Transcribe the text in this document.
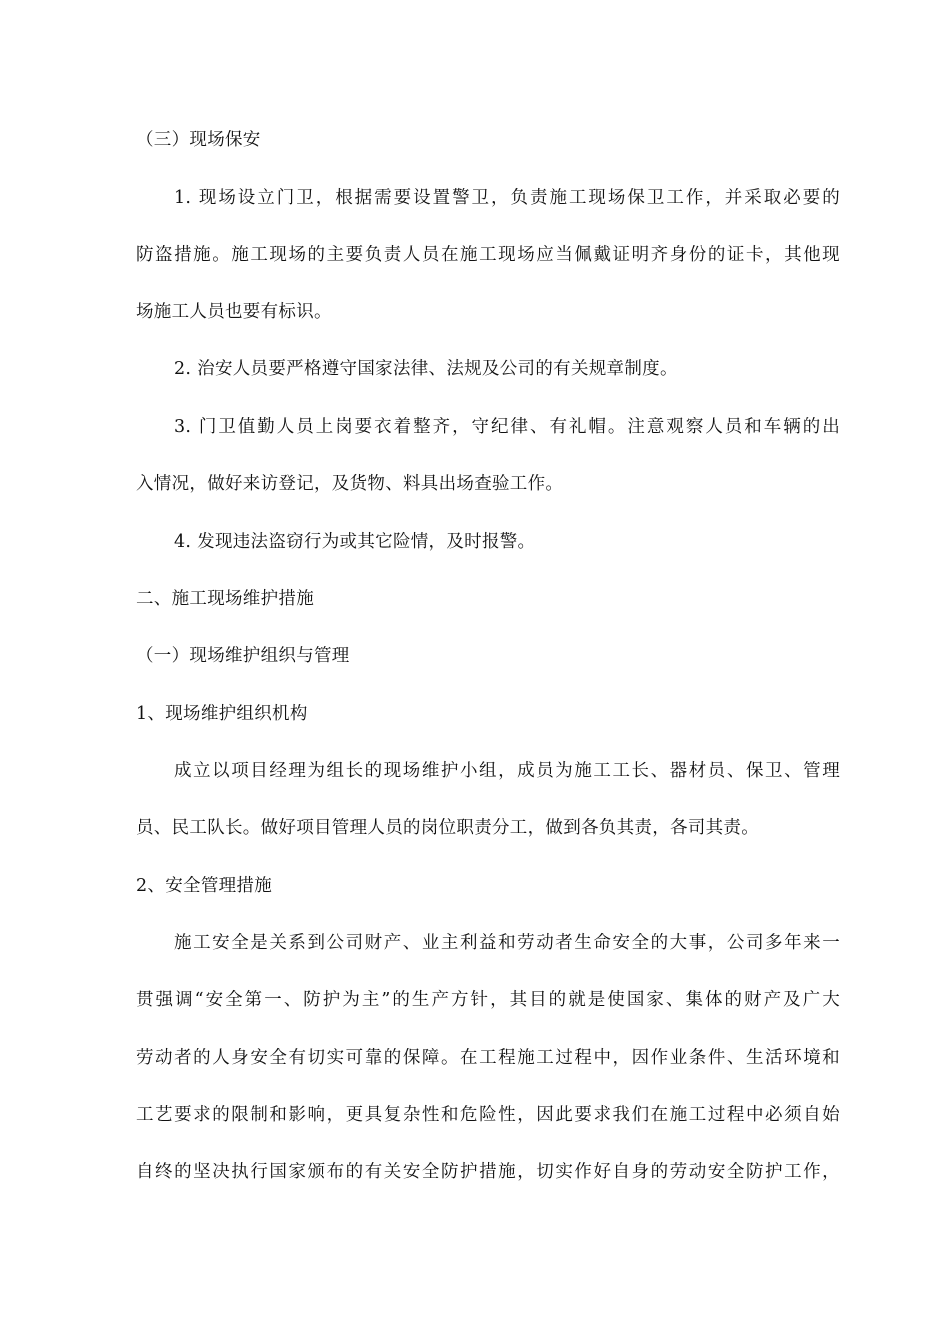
（三）现场保安
1. 现场设立门卫，根据需要设置警卫，负责施工现场保卫工作，并采取必要的
防盗措施。施工现场的主要负责人员在施工现场应当佩戴证明齐身份的证卡，其他现
场施工人员也要有标识。
2. 治安人员要严格遵守国家法律、法规及公司的有关规章制度。
3. 门卫值勤人员上岗要衣着整齐，守纪律、有礼帽。注意观察人员和车辆的出
入情况，做好来访登记，及货物、料具出场查验工作。
4. 发现违法盗窃行为或其它险情，及时报警。
二、施工现场维护措施
（一）现场维护组织与管理
1、现场维护组织机构
成立以项目经理为组长的现场维护小组，成员为施工工长、器材员、保卫、管理
员、民工队长。做好项目管理人员的岗位职责分工，做到各负其责，各司其责。
2、安全管理措施
施工安全是关系到公司财产、业主利益和劳动者生命安全的大事，公司多年来一
贯强调“安全第一、防护为主”的生产方针，其目的就是使国家、集体的财产及广大
劳动者的人身安全有切实可靠的保障。在工程施工过程中，因作业条件、生活环境和
工艺要求的限制和影响，更具复杂性和危险性，因此要求我们在施工过程中必须自始
自终的坚决执行国家颁布的有关安全防护措施，切实作好自身的劳动安全防护工作，
